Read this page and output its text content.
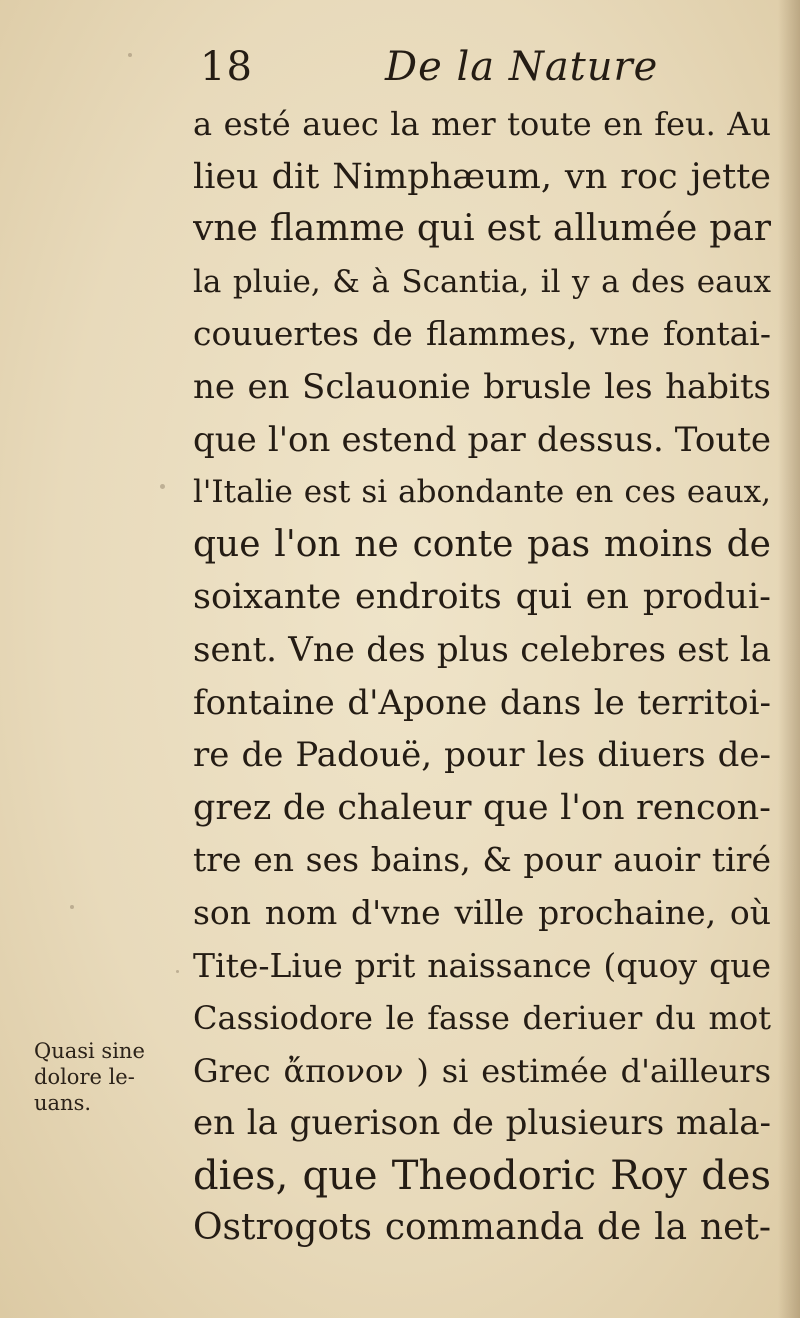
18	De la Nature
a esté auec la mer toute en feu. Au
lieu dit Nimphæum, vn roc jette
vne flamme qui est allumée par
la pluie, & à Scantia, il y a des eaux
couuertes de flammes, vne fontai-
ne en Sclauonie brusle les habits
que l'on estend par dessus. Toute
l'Italie est si abondante en ces eaux,
que l'on ne conte pas moins de
soixante endroits qui en produi-
sent. Vne des plus celebres est la
fontaine d'Apone dans le territoi-
re de Padouë, pour les diuers de-
grez de chaleur que l'on rencon-
tre en ses bains, & pour auoir tiré
son nom d'vne ville prochaine, où
Tite-Liue prit naissance (quoy que
Cassiodore le fasse deriuer du mot
Grec ἄπονον ) si estimée d'ailleurs
en la guerison de plusieurs mala-
dies, que Theodoric Roy des
Ostrogots commanda de la net-
Quasi sine
dolore le-
uans.
